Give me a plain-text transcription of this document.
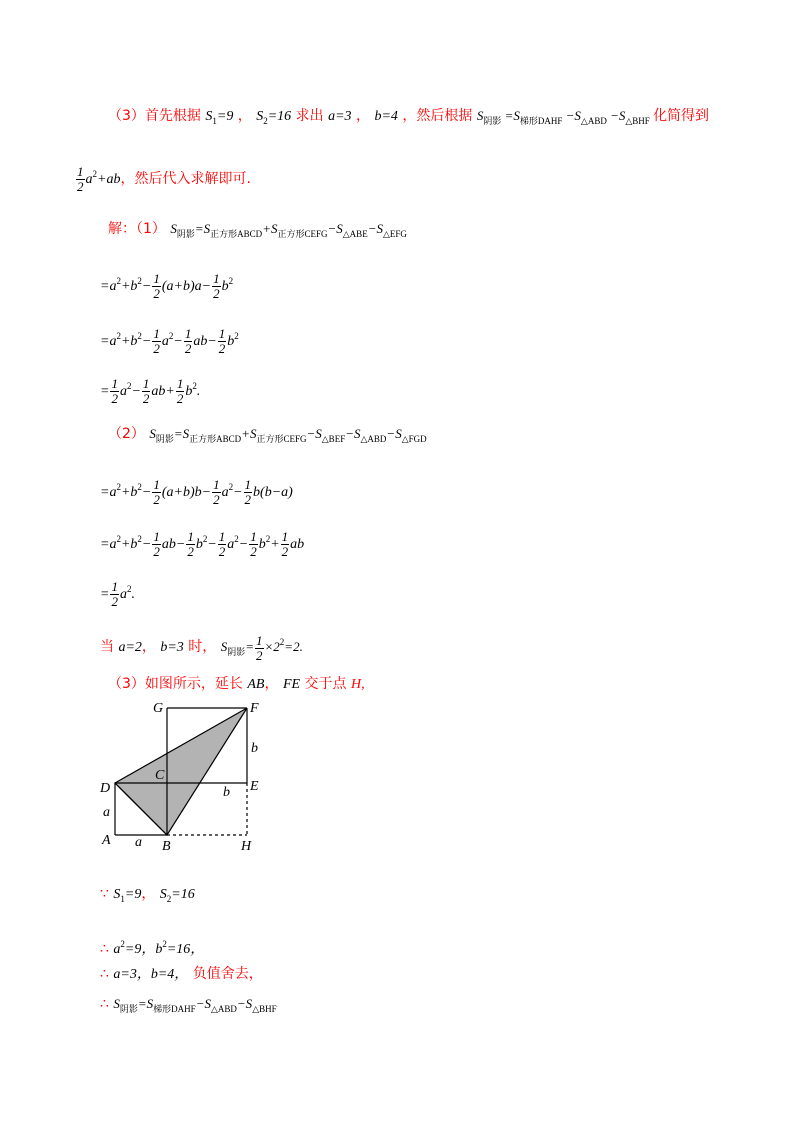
（3）首先根据 $S_1=9$ ， $S_2=16$ 求出 a=3 ， b=4 ，然后根据 $S_{阴影} =S_{梯形DAHF} -S_{\triangle ABD} -S_{\triangle BHF}$ 化简得到
$\frac{1}{2} a^2+ab$，然后代入求解即可.
解：（1） $S_{阴影}=S_{正方形ABCD}+S_{正方形CEFG}-S_{\triangle ABE}-S_{\triangle EFG}$
$=a^2+b^2- \frac{1}{2} (a+b)a- \frac{1}{2} b^2$
$=a^2+b^2- \frac{1}{2} a^2- \frac{1}{2} ab- \frac{1}{2} b^2$
= $\frac{1}{2} a^2- \frac{1}{2} ab+ \frac{1}{2} b^2$.
（2） $S_{阴影}=S_{正方形ABCD}+S_{正方形CEFG}-S_{\triangle BEF}-S_{\triangle ABD}-S_{\triangle FGD}$
$=a^2+b^2- \frac{1}{2} (a+b)b- \frac{1}{2} a^2- \frac{1}{2} b(b-a)$
$=a^2+b^2- \frac{1}{2} ab- \frac{1}{2} b^2- \frac{1}{2} a^2- \frac{1}{2} b^2+ \frac{1}{2}$ ab
= $\frac{1}{2} a^2$.
当 a=2， b=3 时， $S_{阴影}= \frac{1}{2} \times 2^2=2$.
（3）如图所示，延长 AB， FE 交于点 H,
G	F
b
C
D	E
b
a
A a B	H
∵ $S_1=9$， $S_2=16$
∴ $a^2=9$，$b^2=16$，
∴ a=3，b=4， 负值舍去，
∴ $S_{阴影}=S_{梯形DAHF}-S_{\triangle ABD}-S_{\triangle BHF}$
